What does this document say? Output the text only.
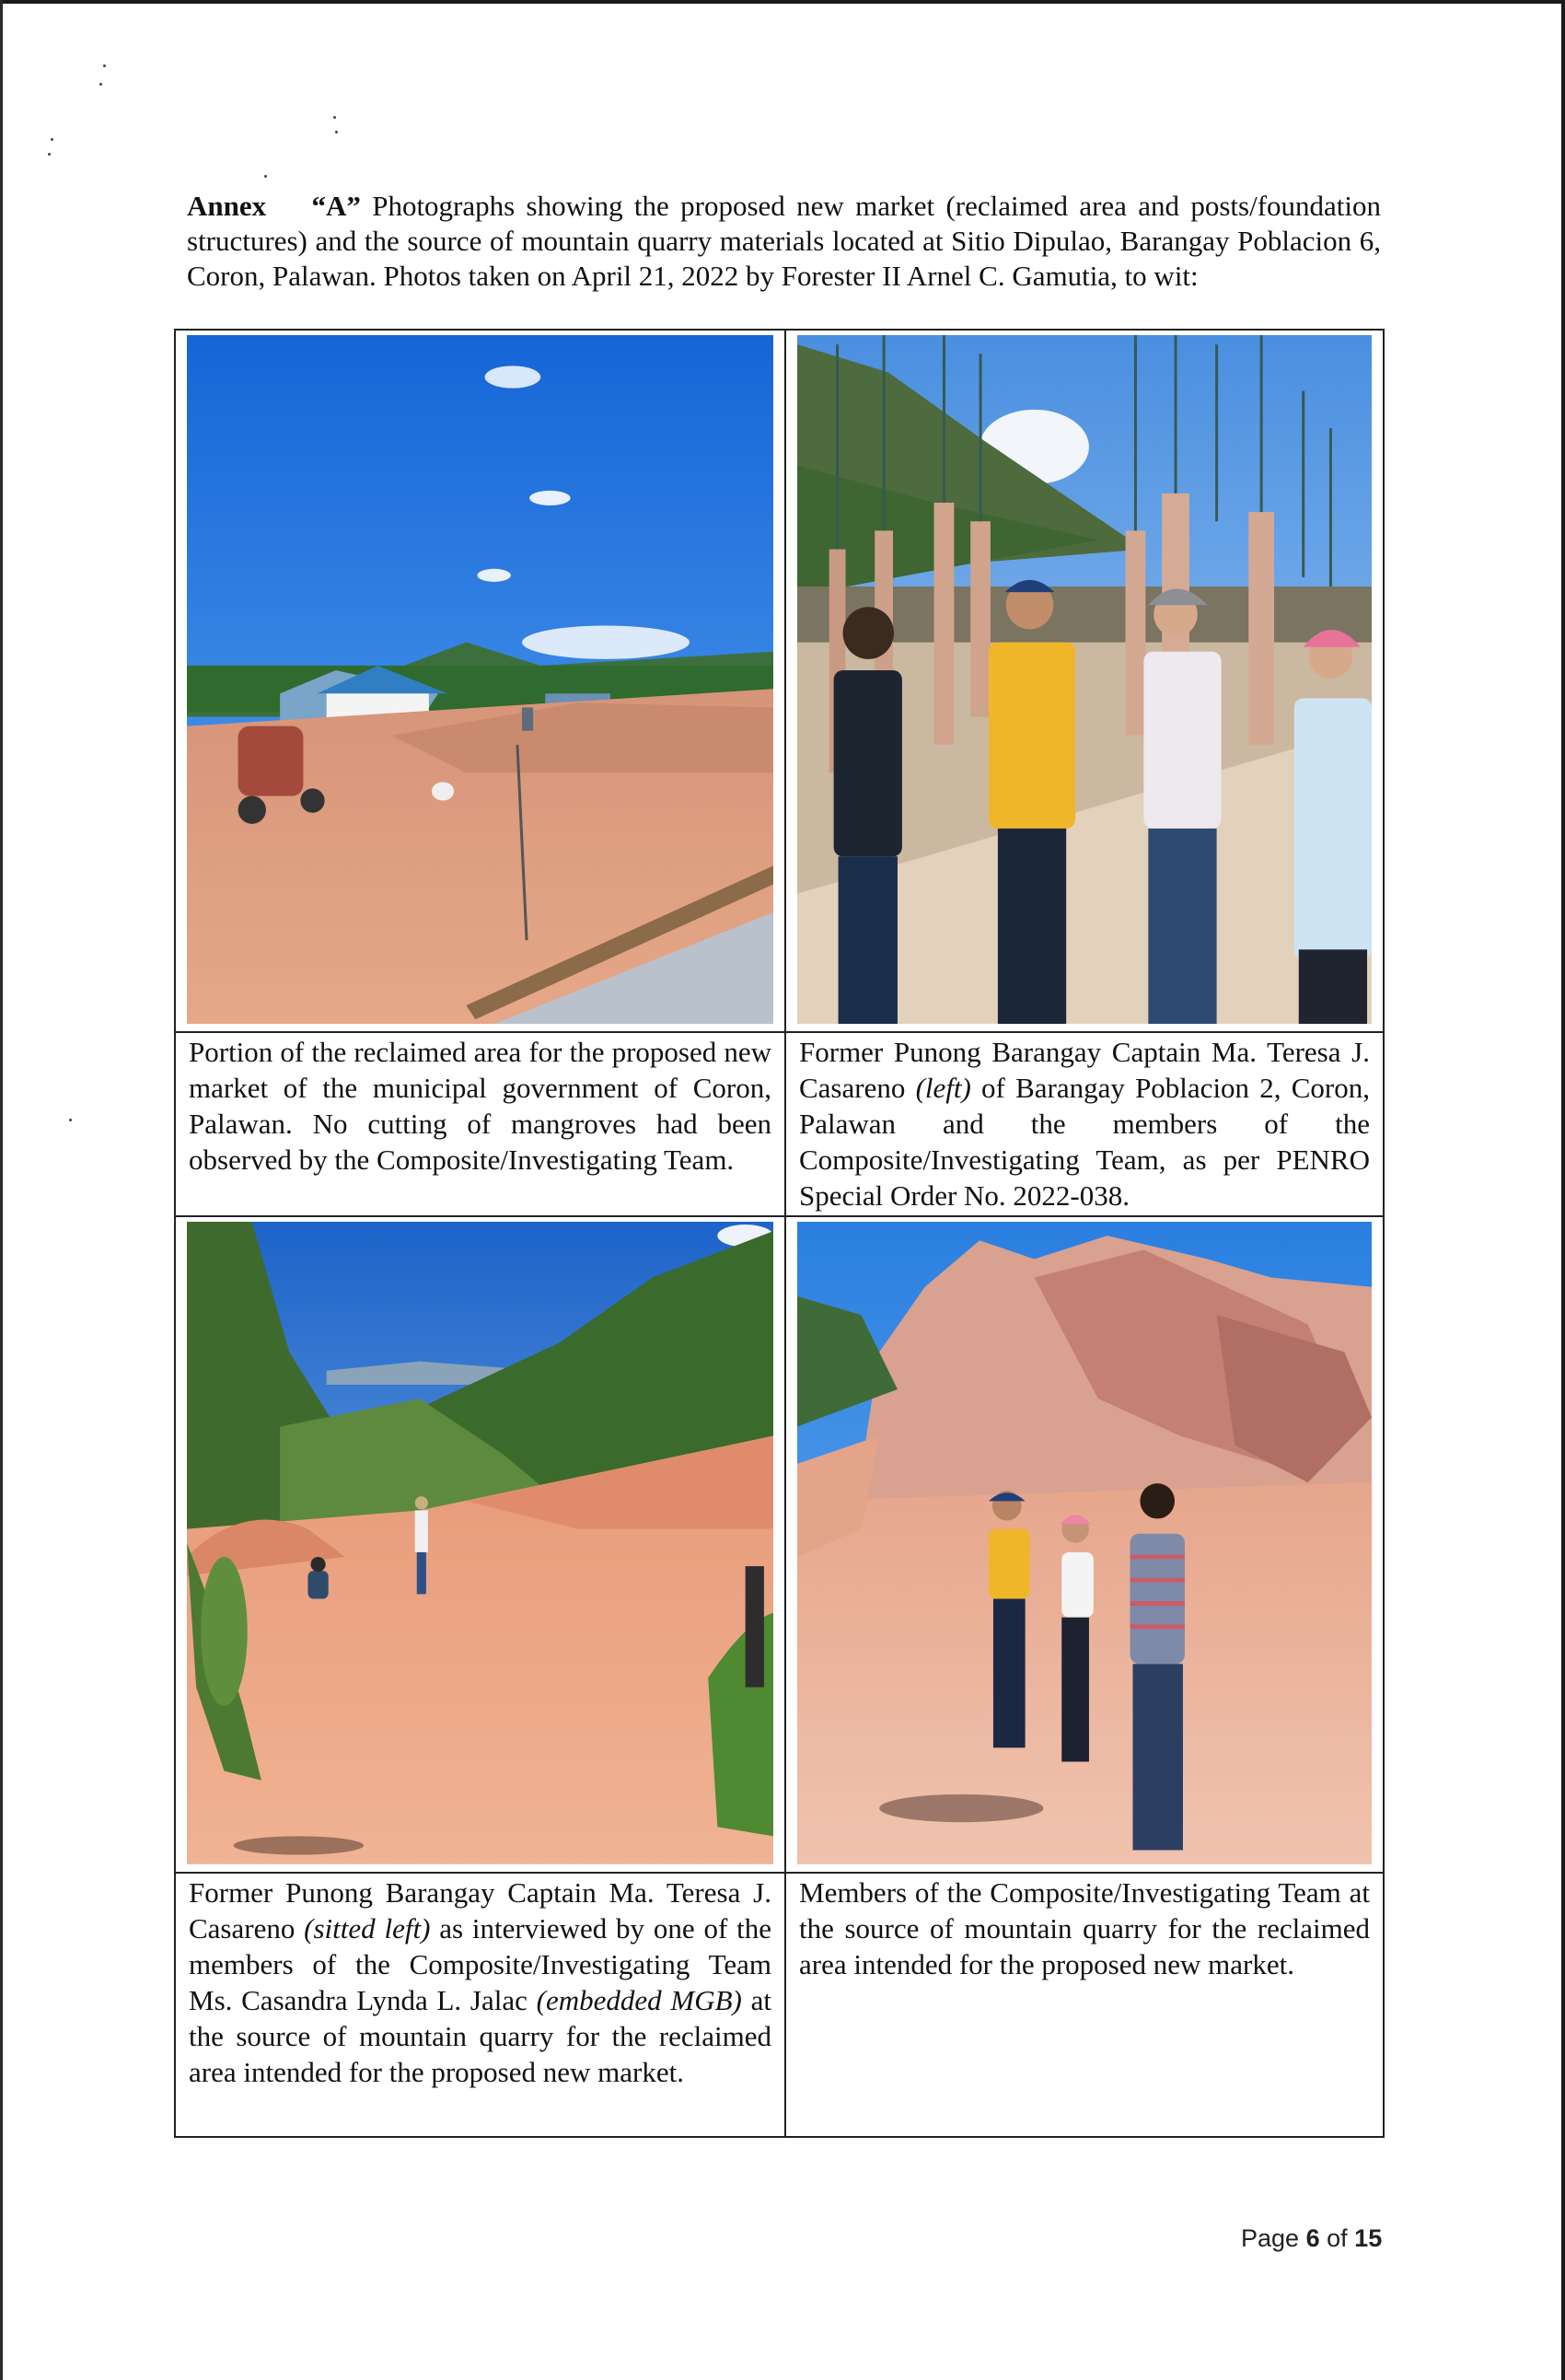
Annex “A” Photographs showing the proposed new market (reclaimed area and posts/foundation structures) and the source of mountain quarry materials located at Sitio Dipulao, Barangay Poblacion 6, Coron, Palawan. Photos taken on April 21, 2022 by Forester II Arnel C. Gamutia, to wit:

Portion of the reclaimed area for the proposed new market of the municipal government of Coron, Palawan. No cutting of mangroves had been observed by the Composite/Investigating Team.	Former Punong Barangay Captain Ma. Teresa J. Casareno (left) of Barangay Poblacion 2, Coron, Palawan and the members of the Composite/Investigating Team, as per PENRO Special Order No. 2022-038.

Former Punong Barangay Captain Ma. Teresa J. Casareno (sitted left) as interviewed by one of the members of the Composite/Investigating Team Ms. Casandra Lynda L. Jalac (embedded MGB) at the source of mountain quarry for the reclaimed area intended for the proposed new market.	Members of the Composite/Investigating Team at the source of mountain quarry for the reclaimed area intended for the proposed new market.
Page 6 of 15
